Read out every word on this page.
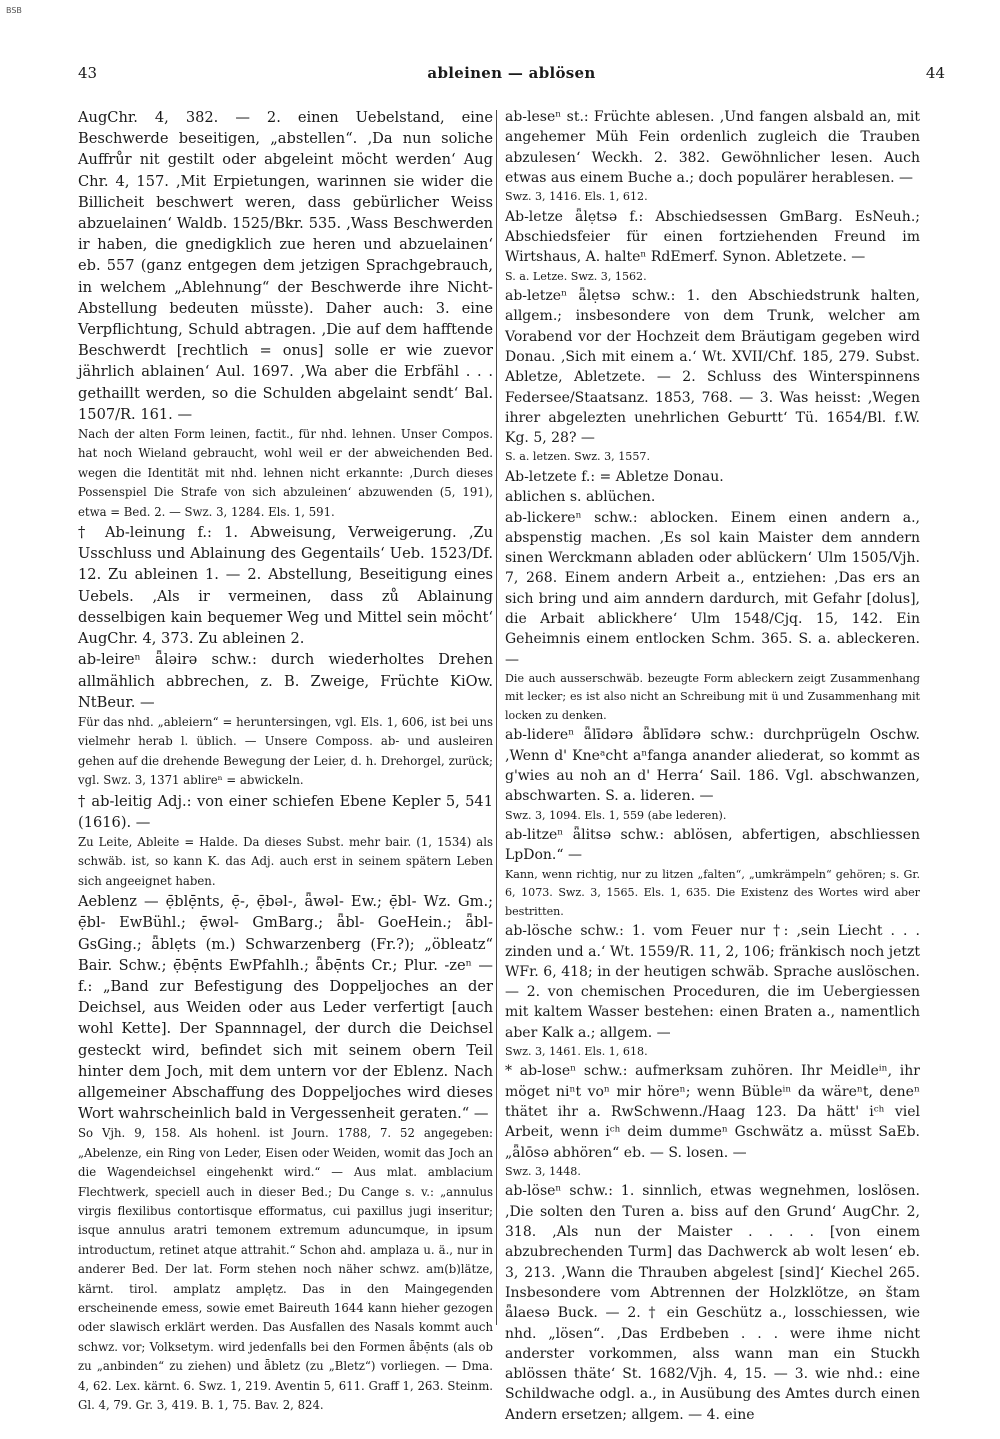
BSB
43	ableinen — ablösen	44

AugChr. 4, 382. — 2. einen Uebelstand, eine Beschwerde beseitigen, „abstellen“. ‚Da nun soliche Auffrůr nit gestilt oder abgeleint möcht werden‘ Aug Chr. 4, 157. ‚Mit Erpietungen, warinnen sie wider die Billicheit beschwert weren, dass gebürlicher Weiss abzuelainen‘ Waldb. 1525/Bkr. 535. ‚Wass Beschwerden ir haben, die gnedigklich zue heren und abzuelainen‘ eb. 557 (ganz entgegen dem jetzigen Sprachgebrauch, in welchem „Ablehnung“ der Beschwerde ihre Nicht-Abstellung bedeuten müsste). Daher auch: 3. eine Verpflichtung, Schuld abtragen. ‚Die auf dem hafftende Beschwerdt [rechtlich = onus] solle er wie zuevor jährlich ablainen‘ Aul. 1697. ‚Wa aber die Erbfähl . . . gethaillt werden, so die Schulden abgelaint sendt‘ Bal. 1507/R. 161. —

Nach der alten Form leinen, factit., für nhd. lehnen. Unser Compos. hat noch Wieland gebraucht, wohl weil er der abweichenden Bed. wegen die Identität mit nhd. lehnen nicht erkannte: ‚Durch dieses Possenspiel Die Strafe von sich abzuleinen‘ abzuwenden (5, 191), etwa = Bed. 2. — Swz. 3, 1284. Els. 1, 591.

† Ab-leinung f.: 1. Abweisung, Verweigerung. ‚Zu Usschluss und Ablainung des Gegentails‘ Ueb. 1523/Df. 12. Zu ableinen 1. — 2. Abstellung, Beseitigung eines Uebels. ‚Als ir vermeinen, dass zů Ablainung desselbigen kain bequemer Weg und Mittel sein möcht‘ AugChr. 4, 373. Zu ableinen 2.

ab-leireⁿ ǟləirə schw.: durch wiederholtes Drehen allmählich abbrechen, z. B. Zweige, Früchte KiOw. NtBeur. —

Für das nhd. „ableiern“ = heruntersingen, vgl. Els. 1, 606, ist bei uns vielmehr herab l. üblich. — Unsere Composs. ab- und ausleiren gehen auf die drehende Bewegung der Leier, d. h. Drehorgel, zurück; vgl. Swz. 3, 1371 ablireⁿ = abwickeln.

† ab-leitig Adj.: von einer schiefen Ebene Kepler 5, 541 (1616). —

Zu Leite, Ableite = Halde. Da dieses Subst. mehr bair. (1, 1534) als schwäb. ist, so kann K. das Adj. auch erst in seinem spätern Leben sich angeeignet haben.

Aeblenz — ẹ̄blẹ̄nts, ẹ̄-, ẹ̄bəl-, ǟwəl- Ew.; ẹ̄bl- Wz. Gm.; ẹ̄bl- EwBühl.; ẹ̄wəl- GmBarg.; ǟbl- GoeHein.; ǟbl- GsGing.; ǟblẹts (m.) Schwarzenberg (Fr.?); „öbleatz“ Bair. Schw.; ẹ̄bẹ̄nts EwPfahlh.; ǟbẹ̄nts Cr.; Plur. -zeⁿ — f.: „Band zur Befestigung des Doppeljoches an der Deichsel, aus Weiden oder aus Leder verfertigt [auch wohl Kette]. Der Spannnagel, der durch die Deichsel gesteckt wird, befindet sich mit seinem obern Teil hinter dem Joch, mit dem untern vor der Eblenz. Nach allgemeiner Abschaffung des Doppeljoches wird dieses Wort wahrscheinlich bald in Vergessenheit geraten.“ —

So Vjh. 9, 158. Als hohenl. ist Journ. 1788, 7. 52 angegeben: „Abelenze, ein Ring von Leder, Eisen oder Weiden, womit das Joch an die Wagendeichsel eingehenkt wird.“ — Aus mlat. amblacium Flechtwerk, speciell auch in dieser Bed.; Du Cange s. v.: „annulus virgis flexilibus contortisque efformatus, cui paxillus jugi inseritur; isque annulus aratri temonem extremum aduncumque, in ipsum introductum, retinet atque attrahit.“ Schon ahd. amplaza u. ä., nur in anderer Bed. Der lat. Form stehen noch näher schwz. am(b)lätze, kärnt. tirol. amplatz amplętz. Das in den Maingegenden erscheinende emess, sowie emet Baireuth 1644 kann hieher gezogen oder slawisch erklärt werden. Das Ausfallen des Nasals kommt auch schwz. vor; Volksetym. wird jedenfalls bei den Formen ǟbẹ̄nts (als ob zu „anbinden“ zu ziehen) und ǟbletz (zu „Bletz“) vorliegen. — Dma. 4, 62. Lex. kärnt. 6. Swz. 1, 219. Aventin 5, 611. Graff 1, 263. Steinm. Gl. 4, 79. Gr. 3, 419. B. 1, 75. Bav. 2, 824.

ab-leseⁿ st.: Früchte ablesen. ‚Und fangen alsbald an, mit angehemer Müh Fein ordenlich zugleich die Trauben abzulesen‘ Weckh. 2. 382. Gewöhnlicher lesen. Auch etwas aus einem Buche a.; doch populärer herablesen. —

Swz. 3, 1416. Els. 1, 612.

Ab-letze ǟlẹtsə f.: Abschiedsessen GmBarg. EsNeuh.; Abschiedsfeier für einen fortziehenden Freund im Wirtshaus, A. halteⁿ RdEmerf. Synon. Abletzete. —

S. a. Letze. Swz. 3, 1562.

ab-letzeⁿ ǟlẹtsə schw.: 1. den Abschiedstrunk halten, allgem.; insbesondere von dem Trunk, welcher am Vorabend vor der Hochzeit dem Bräutigam gegeben wird Donau. ‚Sich mit einem a.‘ Wt. XVII/Chf. 185, 279. Subst. Abletze, Abletzete. — 2. Schluss des Winterspinnens Federsee/Staatsanz. 1853, 768. — 3. Was heisst: ‚Wegen ihrer abgelezten unehrlichen Geburtt‘ Tü. 1654/Bl. f.W. Kg. 5, 28? —

S. a. letzen. Swz. 3, 1557.

Ab-letzete f.: = Abletze Donau.

ablichen s. ablüchen.

ab-lickereⁿ schw.: ablocken. Einem einen andern a., abspenstig machen. ‚Es sol kain Maister dem anndern sinen Werckmann abladen oder ablückern‘ Ulm 1505/Vjh. 7, 268. Einem andern Arbeit a., entziehen: ‚Das ers an sich bring und aim anndern dardurch, mit Gefahr [dolus], die Arbait ablickhere‘ Ulm 1548/Cjq. 15, 142. Ein Geheimnis einem entlocken Schm. 365. S. a. ableckeren. —

Die auch ausserschwäb. bezeugte Form ableckern zeigt Zusammenhang mit lecker; es ist also nicht an Schreibung mit ü und Zusammenhang mit locken zu denken.

ab-lidereⁿ ǟlīdərə ǟblīdərə schw.: durchprügeln Oschw. ‚Wenn d' Kneᵃcht aⁿfanga anander aliederat, so kommt as g'wies au noh an d' Herra‘ Sail. 186. Vgl. abschwanzen, abschwarten. S. a. lideren. —

Swz. 3, 1094. Els. 1, 559 (abe lederen).

ab-litzeⁿ ǟlitsə schw.: ablösen, abfertigen, abschliessen LpDon.“ —

Kann, wenn richtig, nur zu litzen „falten“, „umkrämpeln“ gehören; s. Gr. 6, 1073. Swz. 3, 1565. Els. 1, 635. Die Existenz des Wortes wird aber bestritten.

ab-lösche schw.: 1. vom Feuer nur †: ‚sein Liecht . . . zinden und a.‘ Wt. 1559/R. 11, 2, 106; fränkisch noch jetzt WFr. 6, 418; in der heutigen schwäb. Sprache auslöschen. — 2. von chemischen Proceduren, die im Uebergiessen mit kaltem Wasser bestehen: einen Braten a., namentlich aber Kalk a.; allgem. —

Swz. 3, 1461. Els. 1, 618.

* ab-loseⁿ schw.: aufmerksam zuhören. Ihr Meidleⁱⁿ, ihr möget niⁿt voⁿ mir hörеⁿ; wenn Bübleⁱⁿ da wäreⁿt, deneⁿ thätet ihr a. RwSchwenn./Haag 123. Da hätt' iᶜʰ viel Arbeit, wenn iᶜʰ deim dummeⁿ Gschwätz a. müsst SaEb. „ǟlōsə abhören“ eb. — S. losen. —

Swz. 3, 1448.

ab-löseⁿ schw.: 1. sinnlich, etwas wegnehmen, loslösen. ‚Die solten den Turen a. biss auf den Grund‘ AugChr. 2, 318. ‚Als nun der Maister . . . . [von einem abzubrechenden Turm] das Dachwerck ab wolt lesen‘ eb. 3, 213. ‚Wann die Thrauben abgelest [sind]‘ Kiechel 265. Insbesondere vom Abtrennen der Holzklötze, ən štam ǟlaesə Buck. — 2. † ein Geschütz a., losschiessen, wie nhd. „lösen“. ‚Das Erdbeben . . . were ihme nicht anderster vorkommen, alss wann man ein Stuckh ablössen thäte‘ St. 1682/Vjh. 4, 15. — 3. wie nhd.: eine Schildwache odgl. a., in Ausübung des Amtes durch einen Andern ersetzen; allgem. — 4. eine
